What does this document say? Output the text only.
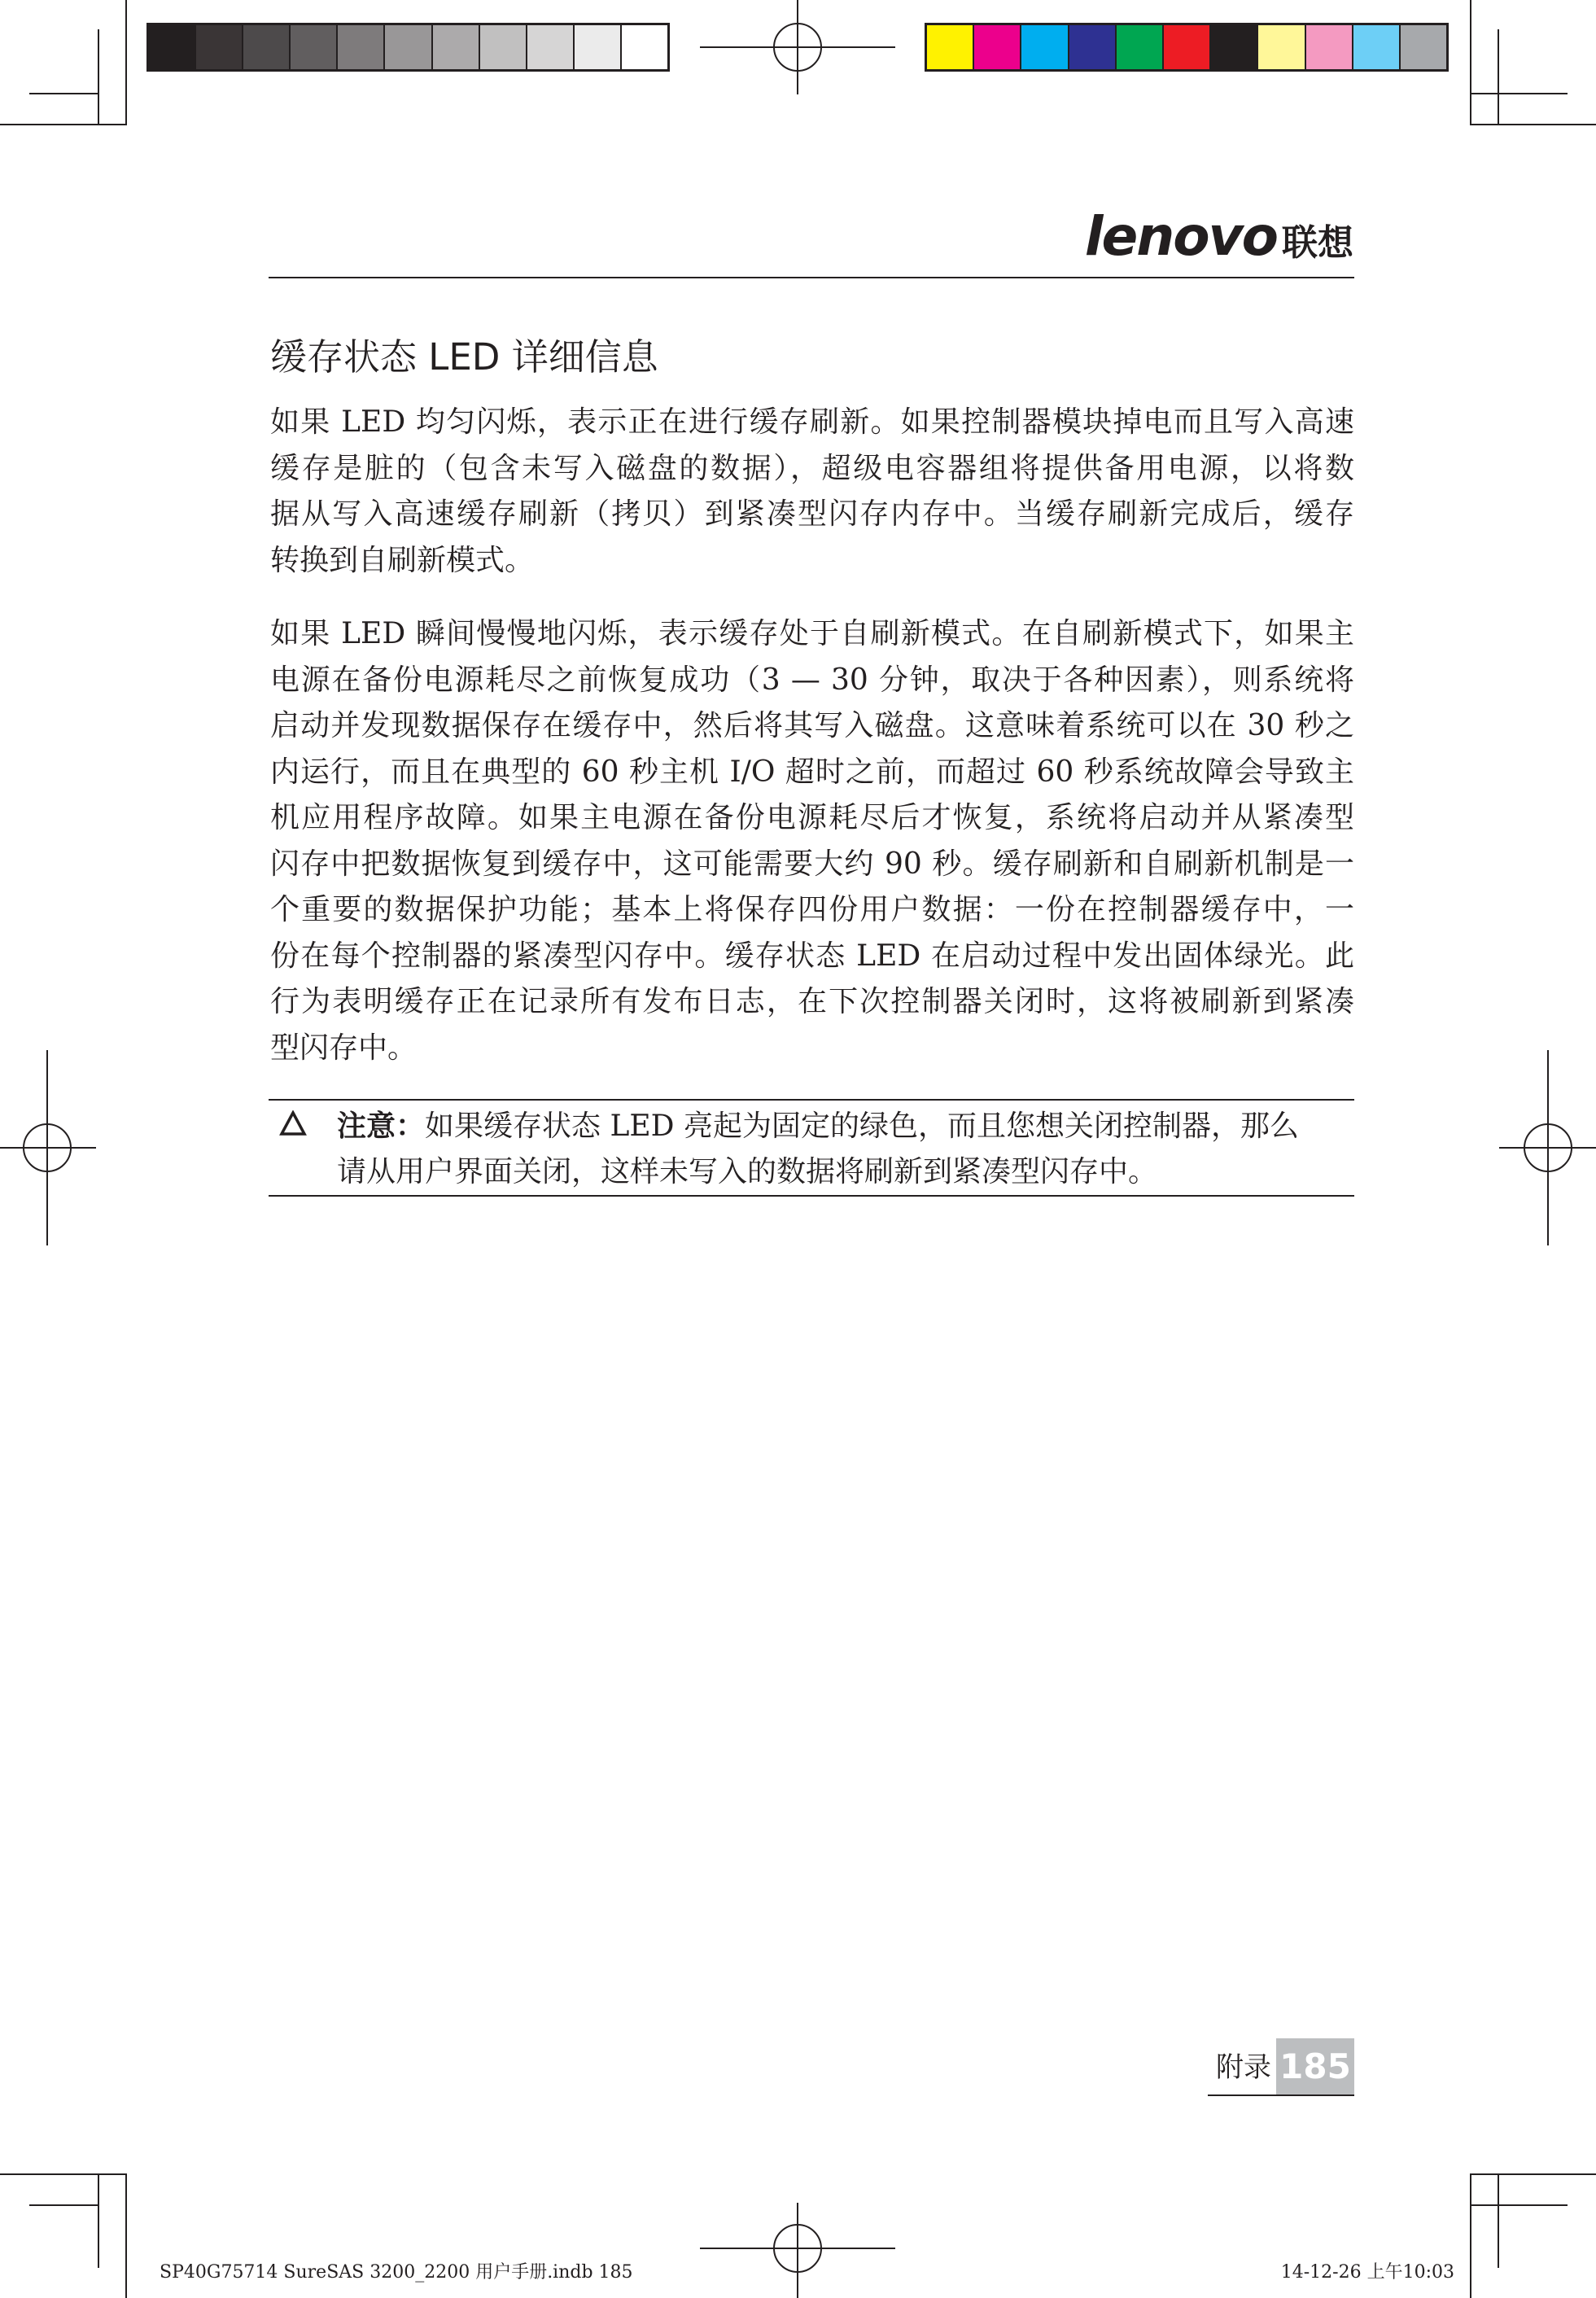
lenovo 联想
缓存状态 LED 详细信息
如果 LED 均匀闪烁，表示正在进行缓存刷新。如果控制器模块掉电而且写入高速
缓存是脏的（包含未写入磁盘的数据），超级电容器组将提供备用电源，以将数
据从写入高速缓存刷新（拷贝）到紧凑型闪存内存中。当缓存刷新完成后，缓存
转换到自刷新模式。
如果 LED 瞬间慢慢地闪烁，表示缓存处于自刷新模式。在自刷新模式下，如果主
电源在备份电源耗尽之前恢复成功（3 — 30 分钟，取决于各种因素），则系统将
启动并发现数据保存在缓存中，然后将其写入磁盘。这意味着系统可以在 30 秒之
内运行，而且在典型的 60 秒主机 I/O 超时之前，而超过 60 秒系统故障会导致主
机应用程序故障。如果主电源在备份电源耗尽后才恢复，系统将启动并从紧凑型
闪存中把数据恢复到缓存中，这可能需要大约 90 秒。缓存刷新和自刷新机制是一
个重要的数据保护功能；基本上将保存四份用户数据：一份在控制器缓存中，一
份在每个控制器的紧凑型闪存中。缓存状态 LED 在启动过程中发出固体绿光。此
行为表明缓存正在记录所有发布日志，在下次控制器关闭时，这将被刷新到紧凑
型闪存中。
注意：如果缓存状态 LED 亮起为固定的绿色，而且您想关闭控制器，那么
请从用户界面关闭，这样未写入的数据将刷新到紧凑型闪存中。
附录 185
SP40G75714 SureSAS 3200_2200 用户手册.indb 185	14-12-26 上午10:03
